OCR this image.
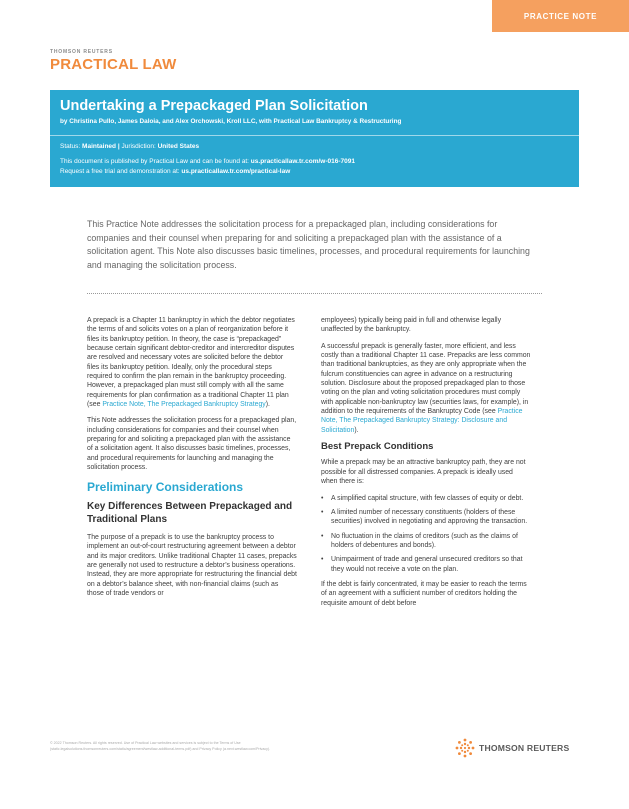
PRACTICE NOTE
THOMSON REUTERS
PRACTICAL LAW
Undertaking a Prepackaged Plan Solicitation
by Christina Pullo, James Daloia, and Alex Orchowski, Kroll LLC, with Practical Law Bankruptcy & Restructuring
Status: Maintained | Jurisdiction: United States
This document is published by Practical Law and can be found at: us.practicallaw.tr.com/w-016-7091
Request a free trial and demonstration at: us.practicallaw.tr.com/practical-law
This Practice Note addresses the solicitation process for a prepackaged plan, including considerations for companies and their counsel when preparing for and soliciting a prepackaged plan with the assistance of a solicitation agent. This Note also discusses basic timelines, processes, and procedural requirements for launching and managing the solicitation process.

A prepack is a Chapter 11 bankruptcy in which the debtor negotiates the terms of and solicits votes on a plan of reorganization before it files its bankruptcy petition. In theory, the case is “prepackaged” because certain significant debtor-creditor and intercreditor disputes are resolved and necessary votes are solicited before the debtor files its bankruptcy petition. Ideally, only the procedural steps required to confirm the plan remain in the bankruptcy proceeding. However, a prepackaged plan must still comply with all the same requirements for plan confirmation as a traditional Chapter 11 plan (see Practice Note, The Prepackaged Bankruptcy Strategy).

This Note addresses the solicitation process for a prepackaged plan, including considerations for companies and their counsel when preparing for and soliciting a prepackaged plan with the assistance of a solicitation agent. It also discusses basic timelines, processes, and procedural requirements for launching and managing the solicitation process.

Preliminary Considerations
Key Differences Between Prepackaged and Traditional Plans

The purpose of a prepack is to use the bankruptcy process to implement an out-of-court restructuring agreement between a debtor and its major creditors. Unlike traditional Chapter 11 cases, prepacks are generally not used to restructure a debtor’s business operations. Instead, they are more appropriate for restructuring the financial debt on a debtor’s balance sheet, with non-financial claims (such as those of trade vendors or

employees) typically being paid in full and otherwise legally unaffected by the bankruptcy.

A successful prepack is generally faster, more efficient, and less costly than a traditional Chapter 11 case. Prepacks are less common than traditional bankruptcies, as they are only appropriate when the fulcrum constituencies can agree in advance on a restructuring solution. Disclosure about the proposed prepackaged plan to those voting on the plan and voting solicitation procedures must comply with applicable non-bankruptcy law (securities laws, for example), in addition to the requirements of the Bankruptcy Code (see Practice Note, The Prepackaged Bankruptcy Strategy: Disclosure and Solicitation).

Best Prepack Conditions

While a prepack may be an attractive bankruptcy path, they are not possible for all distressed companies. A prepack is ideally used when there is:

• A simplified capital structure, with few classes of equity or debt.
• A limited number of necessary constituents (holders of these securities) involved in negotiating and approving the transaction.
• No fluctuation in the claims of creditors (such as the claims of holders of debentures and bonds).
• Unimpairment of trade and general unsecured creditors so that they would not receive a vote on the plan.

If the debt is fairly concentrated, it may be easier to reach the terms of an agreement with a sufficient number of creditors holding the requisite amount of debt before

© 2022 Thomson Reuters. All rights reserved. Use of Practical Law websites and services is subject to the Terms of Use
(static.legalsolutions.thomsonreuters.com/static/agreement/westlaw-additional-terms.pdf) and Privacy Policy (a.next.westlaw.com/Privacy).	THOMSON REUTERS
